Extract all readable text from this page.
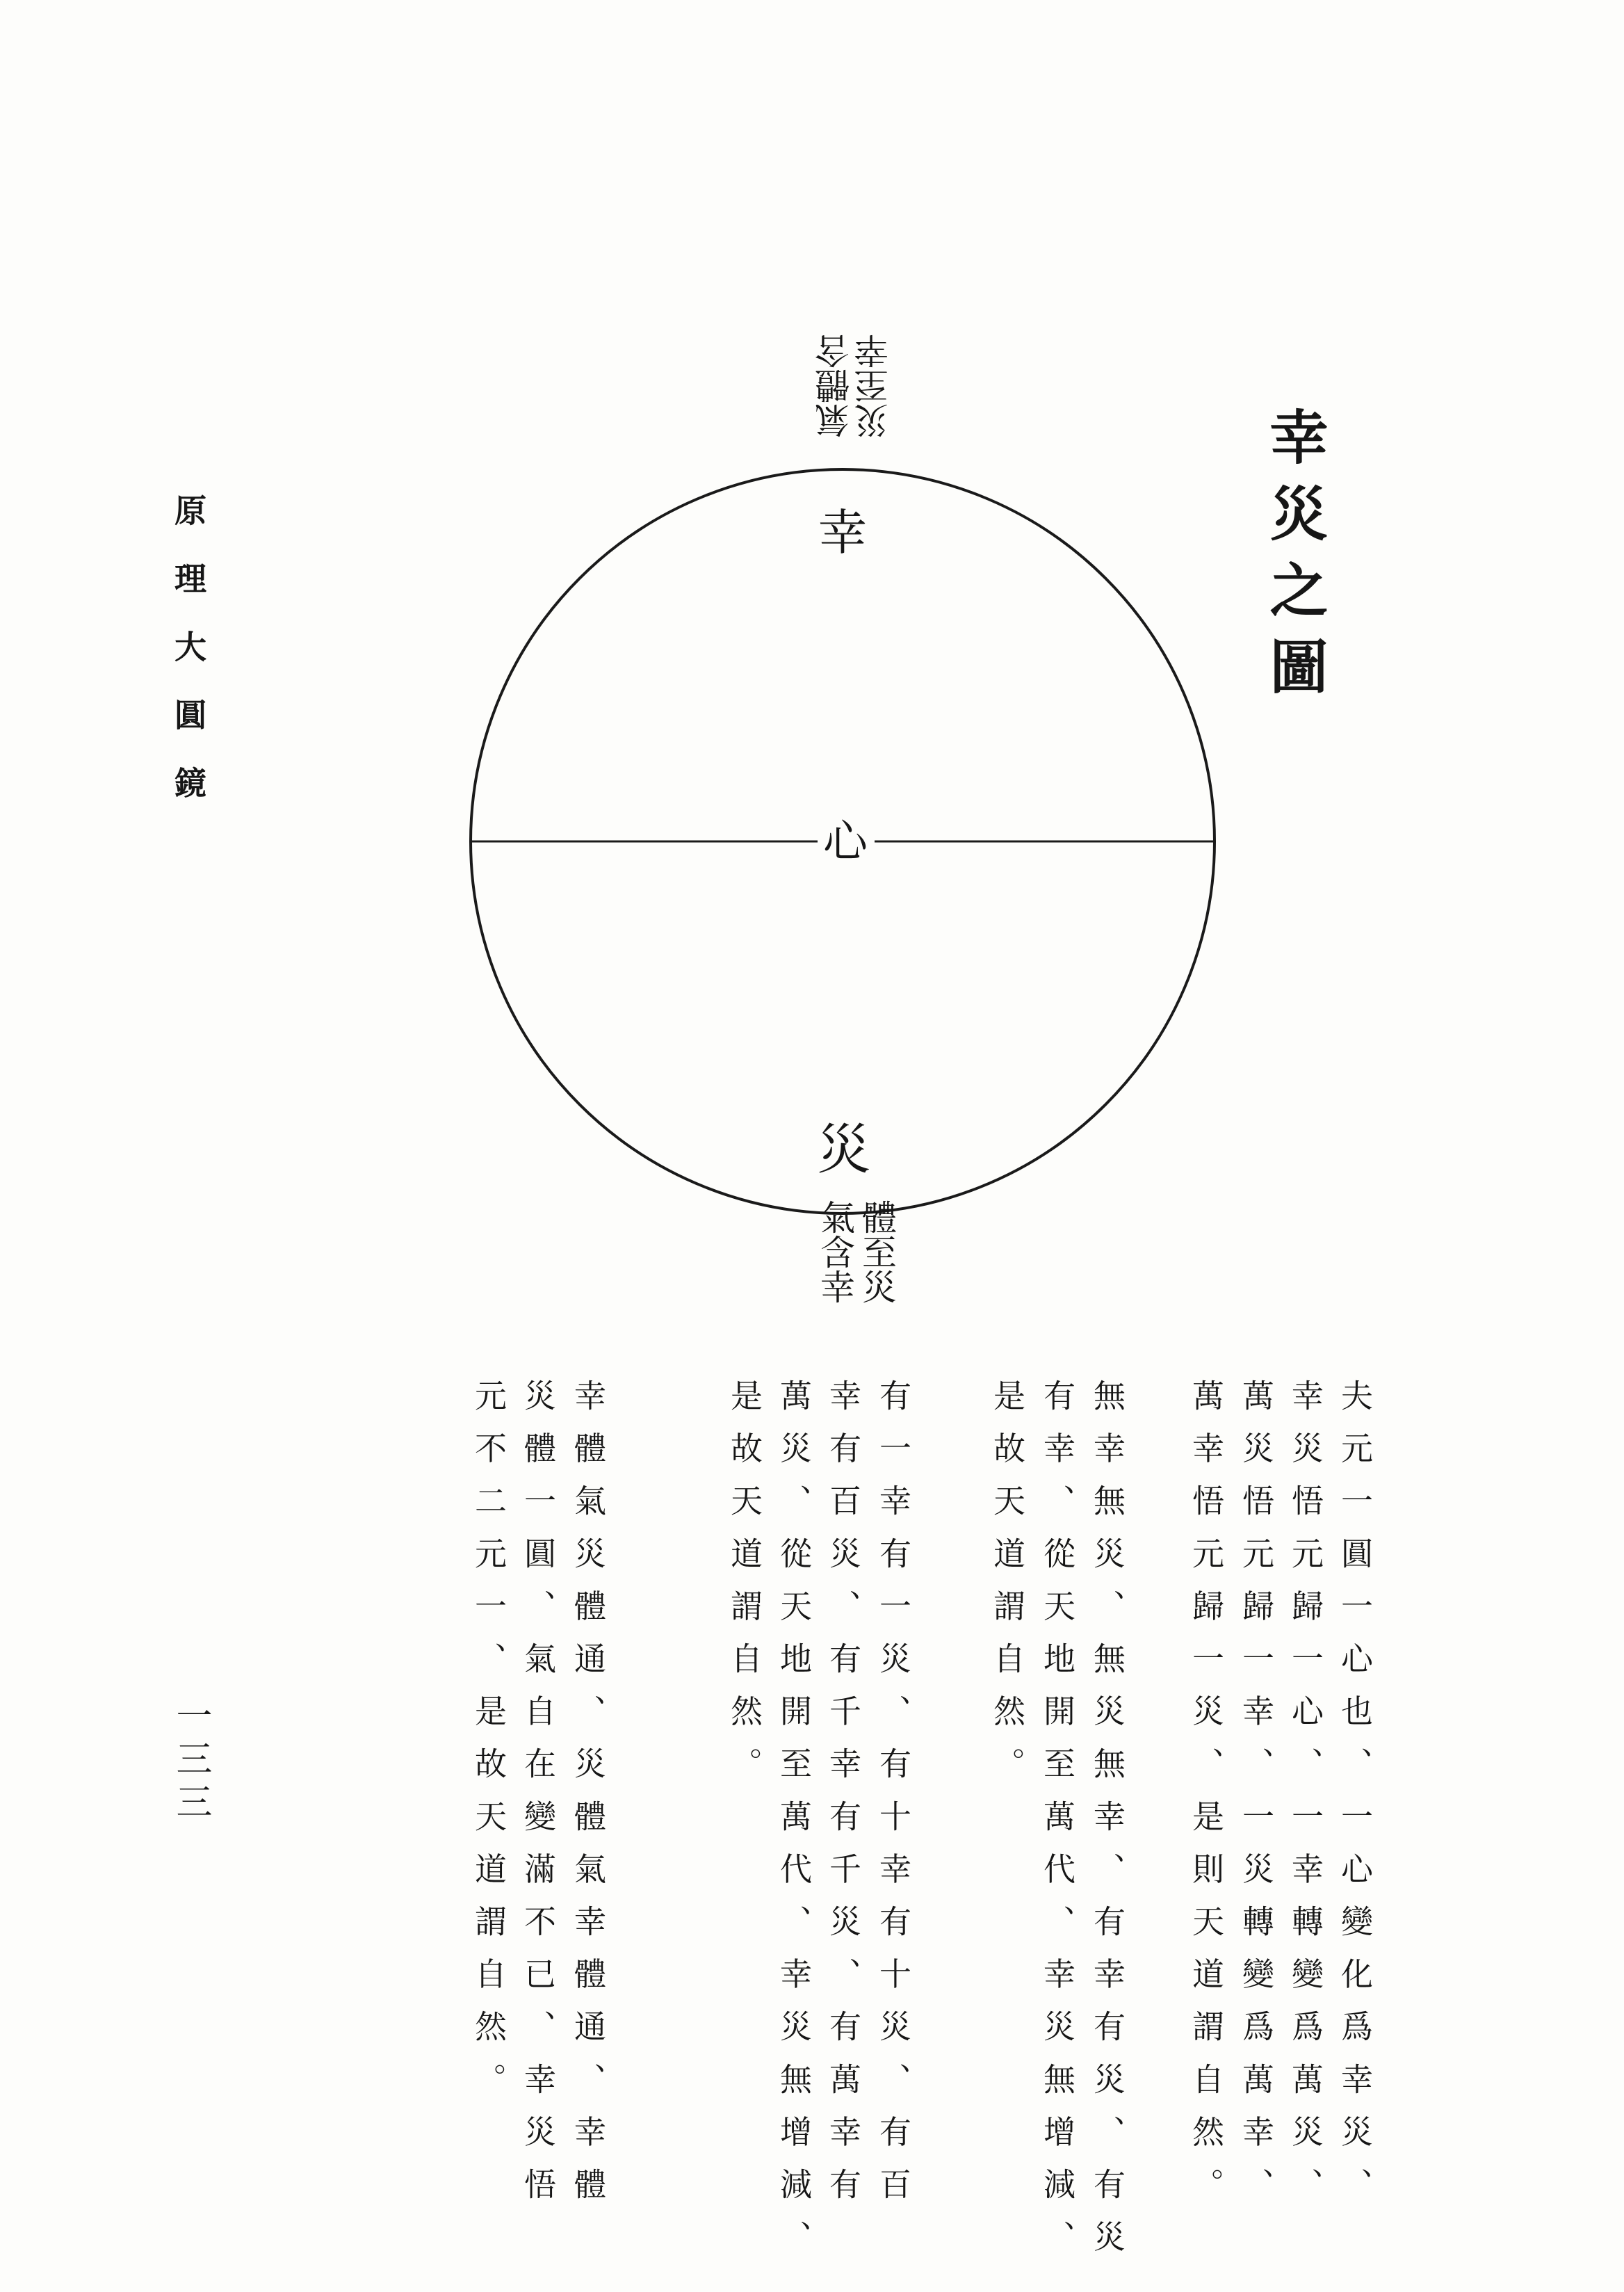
原理大圓鏡	幸災之圖
災至幸
氣體含
幸
心
災
體至災
氣含幸
夫元一圓一心也、一心變化爲幸災、
幸災悟元歸一心、一幸轉變爲萬災、
萬災悟元歸一幸、一災轉變爲萬幸、
萬幸悟元歸一災、是則天道謂自然。
無幸無災、無災無幸、有幸有災、有災
有幸、從天地開至萬代、幸災無增減、
是故天道謂自然。
有一幸有一災、有十幸有十災、有百
幸有百災、有千幸有千災、有萬幸有
萬災、從天地開至萬代、幸災無增減、
是故天道謂自然。
幸體氣災體通、災體氣幸體通、幸體
災體一圓、氣自在變滿不已、幸災悟
元不二元一、是故天道謂自然。
一三三
